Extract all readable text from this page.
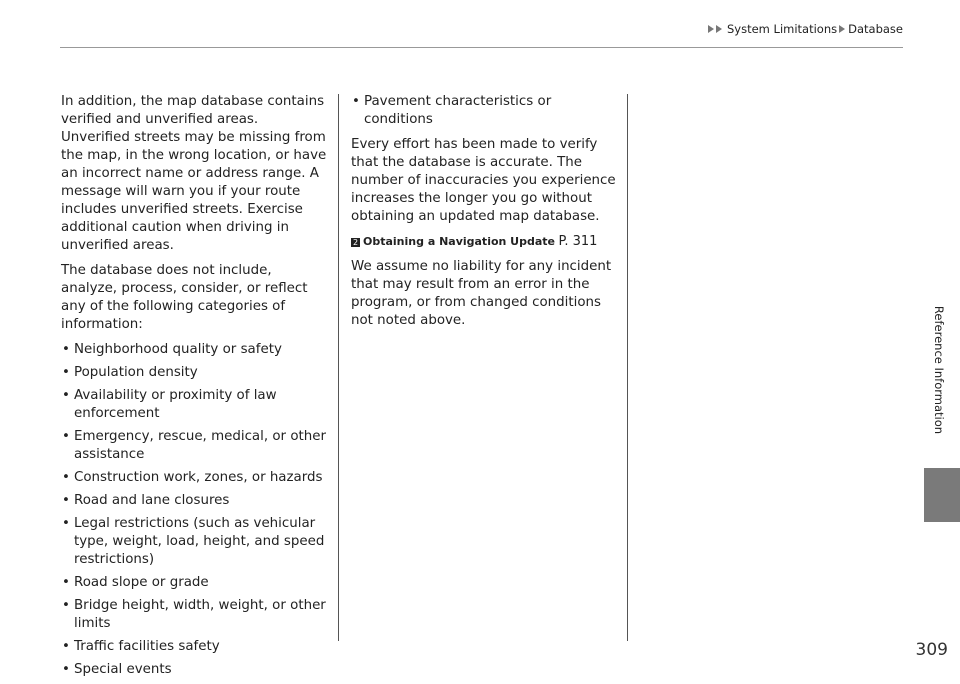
System Limitations Database

In addition, the map database contains verified and unverified areas. Unverified streets may be missing from the map, in the wrong location, or have an incorrect name or address range. A message will warn you if your route includes unverified streets. Exercise additional caution when driving in unverified areas.

The database does not include, analyze, process, consider, or reflect any of the following categories of information:

• Neighborhood quality or safety
• Population density
• Availability or proximity of law enforcement
• Emergency, rescue, medical, or other assistance
• Construction work, zones, or hazards
• Road and lane closures
• Legal restrictions (such as vehicular type, weight, load, height, and speed restrictions)
• Road slope or grade
• Bridge height, width, weight, or other limits
• Traffic facilities safety
• Special events
• Pavement characteristics or conditions

Every effort has been made to verify that the database is accurate. The number of inaccuracies you experience increases the longer you go without obtaining an updated map database.

2 Obtaining a Navigation Update P. 311

We assume no liability for any incident that may result from an error in the program, or from changed conditions not noted above.	Reference Information
309
